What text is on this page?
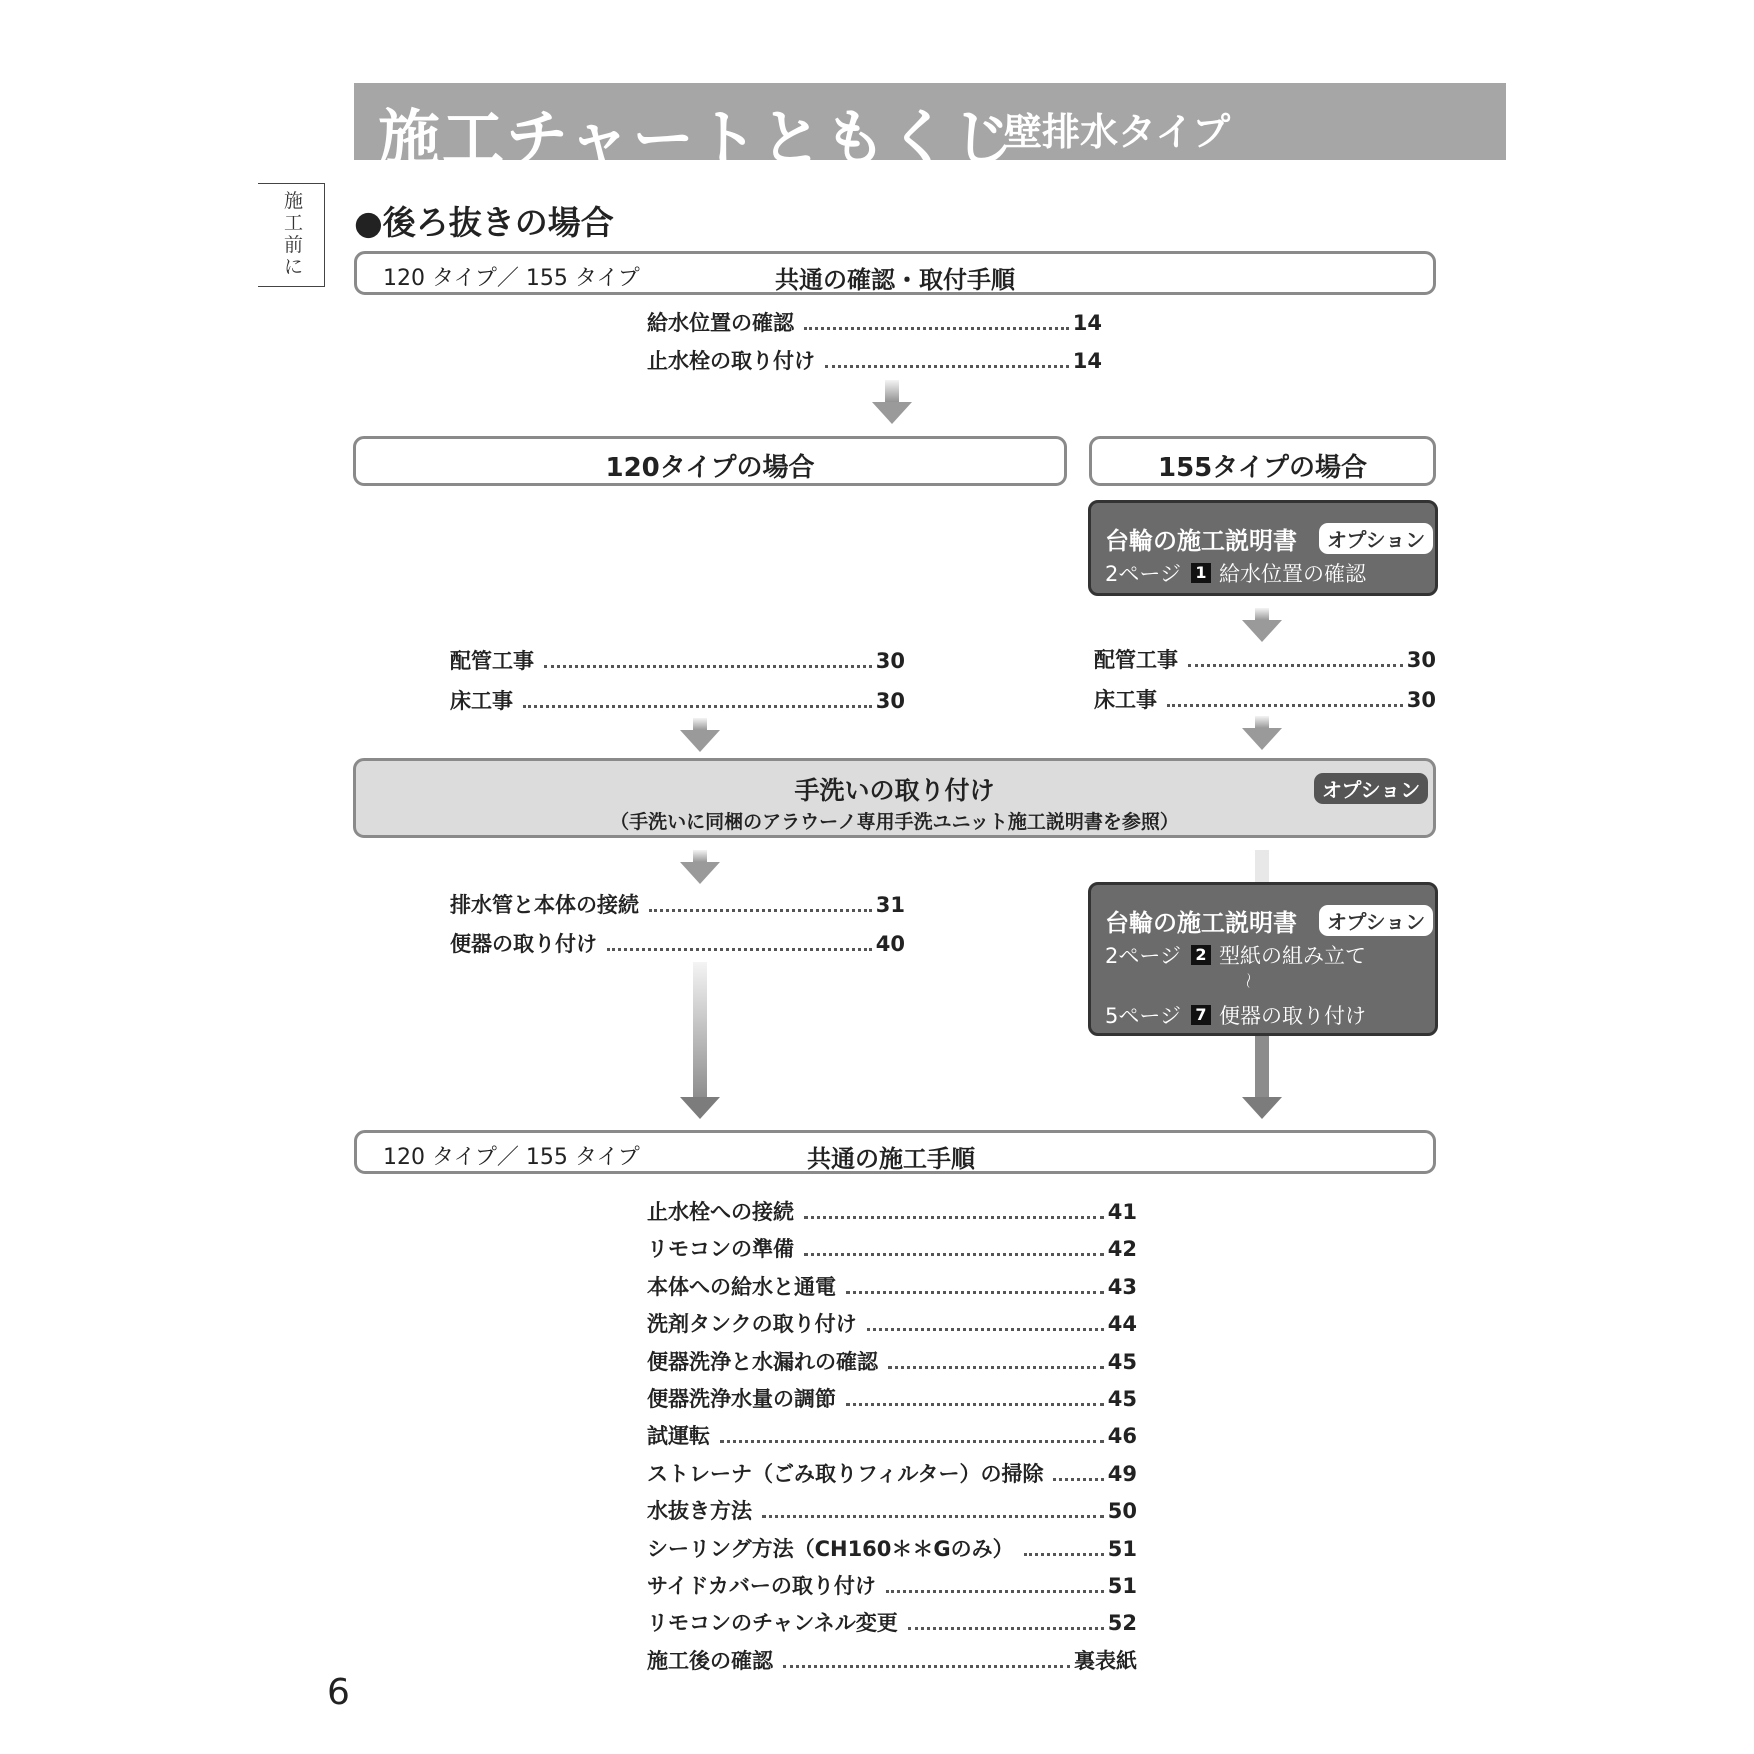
施工チャートともくじ
壁排水タイプ
施工前に
●後ろ抜きの場合
120 タイプ／ 155 タイプ	共通の確認・取付手順
給水位置の確認	14
止水栓の取り付け	14
120タイプの場合	155タイプの場合
台輪の施工説明書	オプション
2ページ 1 給水位置の確認
配管工事	30
床工事	30
配管工事	30
床工事	30
手洗いの取り付け
（手洗いに同梱のアラウーノ専用手洗ユニット施工説明書を参照）
オプション
排水管と本体の接続	31
便器の取り付け	40
台輪の施工説明書	オプション
2ページ 2 型紙の組み立て
～
5ページ 7 便器の取り付け
120 タイプ／ 155 タイプ	共通の施工手順
止水栓への接続	41
リモコンの準備	42
本体への給水と通電	43
洗剤タンクの取り付け	44
便器洗浄と水漏れの確認	45
便器洗浄水量の調節	45
試運転	46
ストレーナ（ごみ取りフィルター）の掃除	49
水抜き方法	50
シーリング方法（CH160＊＊Gのみ）	51
サイドカバーの取り付け	51
リモコンのチャンネル変更	52
施工後の確認	裏表紙
6
